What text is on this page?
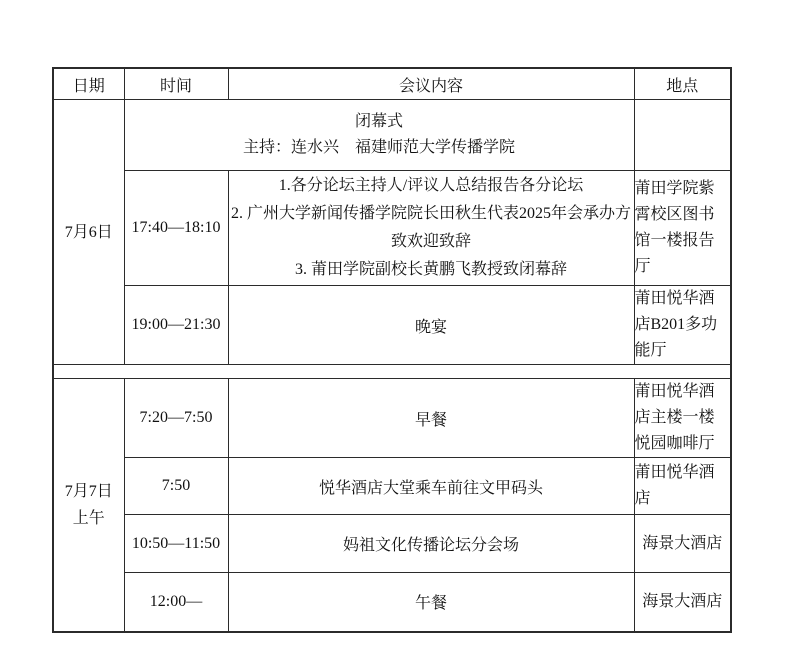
日期	时间	会议内容	地点
7月6日	闭幕式
主持：连水兴　福建师范大学传播学院		

	17:40—18:10	1.各分论坛主持人/评议人总结报告各分论坛
2. 广州大学新闻传播学院院长田秋生代表2025年会承办方致欢迎致辞
3. 莆田学院副校长黄鹏飞教授致闭幕辞	莆田学院紫霄校区图书馆一楼报告厅
	19:00—21:30	晚宴	莆田悦华酒店B201多功能厅

7月7日
上午	7:20—7:50	早餐	莆田悦华酒店主楼一楼悦园咖啡厅
	7:50	悦华酒店大堂乘车前往文甲码头	莆田悦华酒店
	10:50—11:50	妈祖文化传播论坛分会场	海景大酒店
	12:00—	午餐	海景大酒店
